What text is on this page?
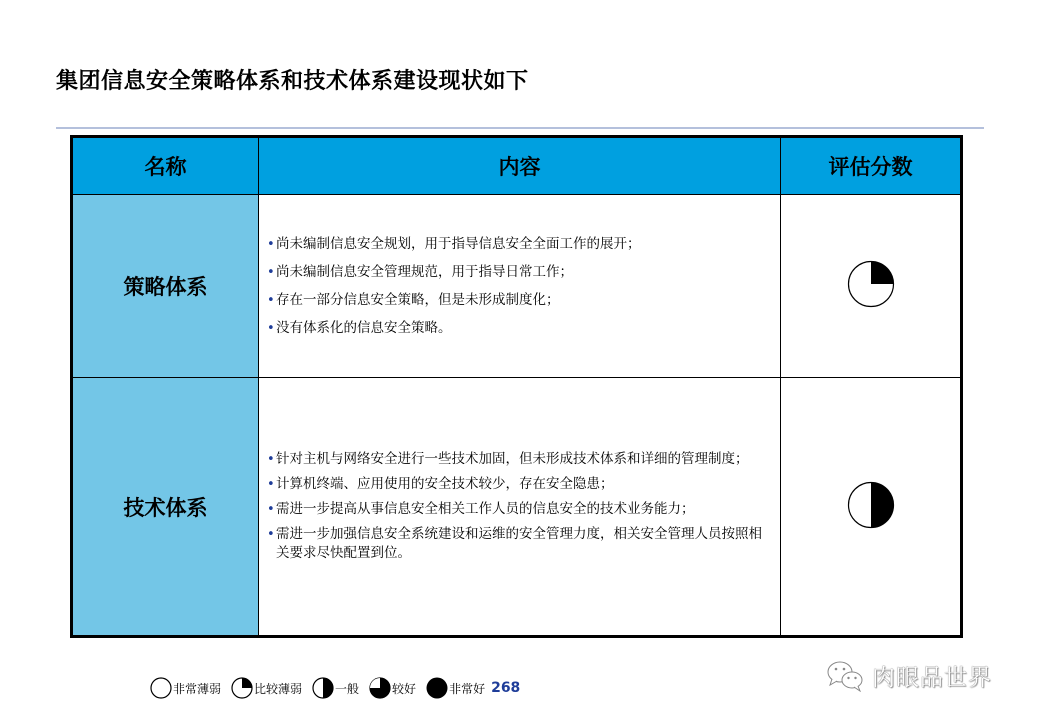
集团信息安全策略体系和技术体系建设现状如下
名称	内容	评估分数
策略体系	
• 尚未编制信息安全规划，用于指导信息安全全面工作的展开；
• 尚未编制信息安全管理规范，用于指导日常工作；
• 存在一部分信息安全策略，但是未形成制度化；
• 没有体系化的信息安全策略。

技术体系	
• 针对主机与网络安全进行一些技术加固，但未形成技术体系和详细的管理制度；
• 计算机终端、应用使用的安全技术较少，存在安全隐患；
• 需进一步提高从事信息安全相关工作人员的信息安全的技术业务能力；
• 需进一步加强信息安全系统建设和运维的安全管理力度，相关安全管理人员按照相关要求尽快配置到位。

非常薄弱	比较薄弱	一般	较好	非常好 268	肉眼品世界
